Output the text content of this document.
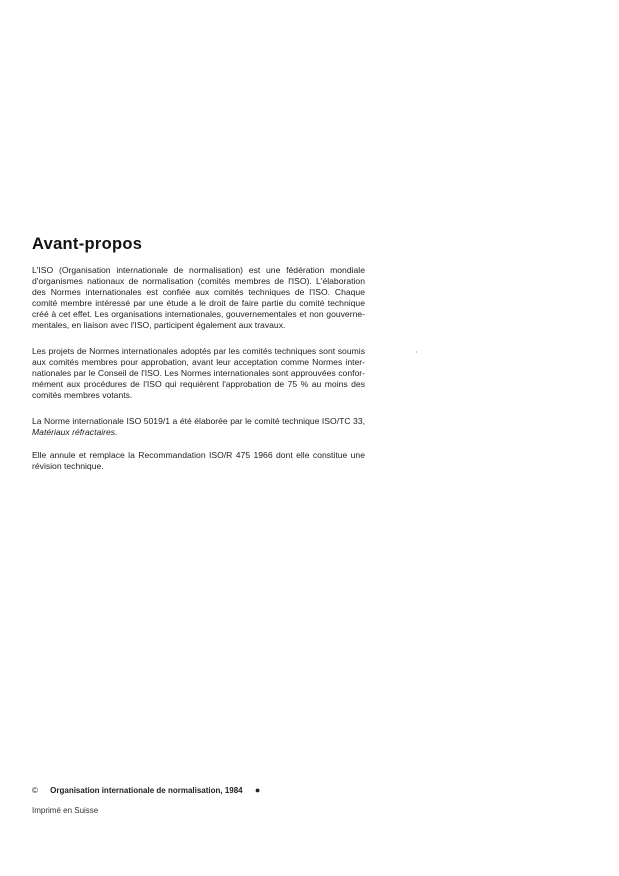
Avant-propos

L'ISO (Organisation internationale de normalisation) est une fédération mondiale
d'organismes nationaux de normalisation (comités membres de l'ISO). L'élaboration
des Normes internationales est confiée aux comités techniques de l'ISO. Chaque
comité membre intéressé par une étude a le droit de faire partie du comité technique
créé à cet effet. Les organisations internationales, gouvernementales et non gouverne-
mentales, en liaison avec l'ISO, participent également aux travaux.

Les projets de Normes internationales adoptés par les comités techniques sont soumis
aux comités membres pour approbation, avant leur acceptation comme Normes inter-
nationales par le Conseil de l'ISO. Les Normes internationales sont approuvées confor-
mément aux procédures de l'ISO qui requièrent l'approbation de 75 % au moins des
comités membres votants.

La Norme internationale ISO 5019/1 a été élaborée par le comité technique ISO/TC 33,
Matériaux réfractaires.

Elle annule et remplace la Recommandation ISO/R 475 1966 dont elle constitue une
révision technique.

© Organisation internationale de normalisation, 1984 ●
Imprimé en Suisse
